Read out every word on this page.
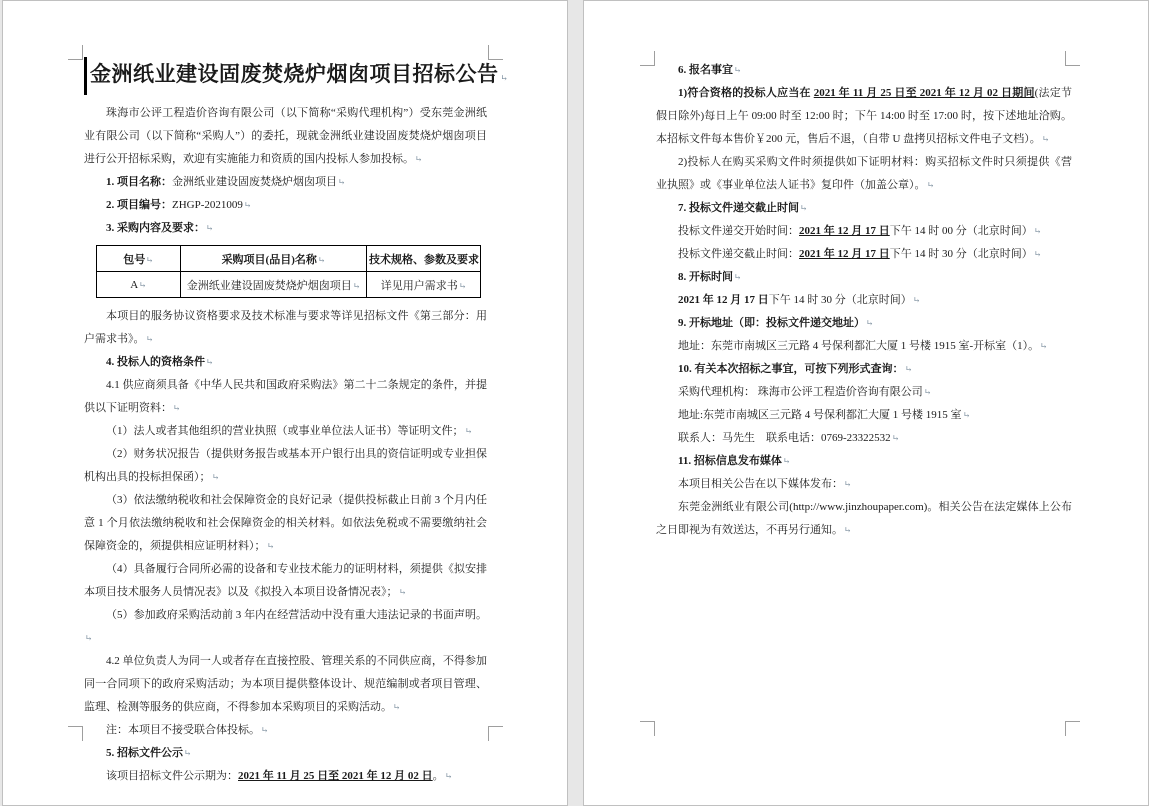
金洲纸业建设固废焚烧炉烟囱项目招标公告 ↵

珠海市公评工程造价咨询有限公司（以下简称“采购代理机构”）受东莞金洲纸业有限公司（以下简称“采购人”）的委托，现就金洲纸业建设固废焚烧炉烟囱项目进行公开招标采购，欢迎有实施能力和资质的国内投标人参加投标。 ↵

1. 项目名称：金洲纸业建设固废焚烧炉烟囱项目 ↵

2. 项目编号：ZHGP-2021009 ↵

3. 采购内容及要求： ↵

包号 ↵	采购项目(品目)名称 ↵	技术规格、参数及要求 ↵
A ↵	金洲纸业建设固废焚烧炉烟囱项目 ↵	详见用户需求书 ↵

本项目的服务协议资格要求及技术标准与要求等详见招标文件《第三部分：用户需求书》。 ↵

4. 投标人的资格条件 ↵

4.1 供应商须具备《中华人民共和国政府采购法》第二十二条规定的条件，并提供以下证明资料： ↵

（1）法人或者其他组织的营业执照（或事业单位法人证书）等证明文件； ↵

（2）财务状况报告（提供财务报告或基本开户银行出具的资信证明或专业担保机构出具的投标担保函）； ↵

（3）依法缴纳税收和社会保障资金的良好记录（提供投标截止日前 3 个月内任意 1 个月依法缴纳税收和社会保障资金的相关材料。如依法免税或不需要缴纳社会保障资金的，须提供相应证明材料）； ↵

（4）具备履行合同所必需的设备和专业技术能力的证明材料，须提供《拟安排本项目技术服务人员情况表》以及《拟投入本项目设备情况表》； ↵

（5）参加政府采购活动前 3 年内在经营活动中没有重大违法记录的书面声明。 ↵

4.2 单位负责人为同一人或者存在直接控股、管理关系的不同供应商，不得参加同一合同项下的政府采购活动；为本项目提供整体设计、规范编制或者项目管理、监理、检测等服务的供应商，不得参加本采购项目的采购活动。 ↵

注：本项目不接受联合体投标。 ↵

5. 招标文件公示 ↵

该项目招标文件公示期为：2021 年 11 月 25 日至 2021 年 12 月 02 日。 ↵

6. 报名事宜 ↵

1)符合资格的投标人应当在 2021 年 11 月 25 日至 2021 年 12 月 02 日期间(法定节假日除外)每日上午 09:00 时至 12:00 时；下午 14:00 时至 17:00 时，按下述地址洽购。本招标文件每本售价￥200 元，售后不退，（自带 U 盘拷贝招标文件电子文档）。 ↵

2)投标人在购买采购文件时须提供如下证明材料：购买招标文件时只须提供《营业执照》或《事业单位法人证书》复印件（加盖公章）。 ↵

7. 投标文件递交截止时间 ↵

投标文件递交开始时间：2021 年 12 月 17 日下午 14 时 00 分（北京时间） ↵

投标文件递交截止时间：2021 年 12 月 17 日下午 14 时 30 分（北京时间） ↵

8. 开标时间 ↵

2021 年 12 月 17 日下午 14 时 30 分（北京时间） ↵

9. 开标地址（即：投标文件递交地址） ↵

地址：东莞市南城区三元路 4 号保利都汇大厦 1 号楼 1915 室-开标室（1）。 ↵

10. 有关本次招标之事宜，可按下列形式查询： ↵

采购代理机构： 珠海市公评工程造价咨询有限公司 ↵

地址:东莞市南城区三元路 4 号保利都汇大厦 1 号楼 1915 室 ↵

联系人：马先生　联系电话：0769-23322532 ↵

11. 招标信息发布媒体 ↵

本项目相关公告在以下媒体发布： ↵

东莞金洲纸业有限公司(http://www.jinzhoupaper.com)。相关公告在法定媒体上公布之日即视为有效送达，不再另行通知。 ↵
